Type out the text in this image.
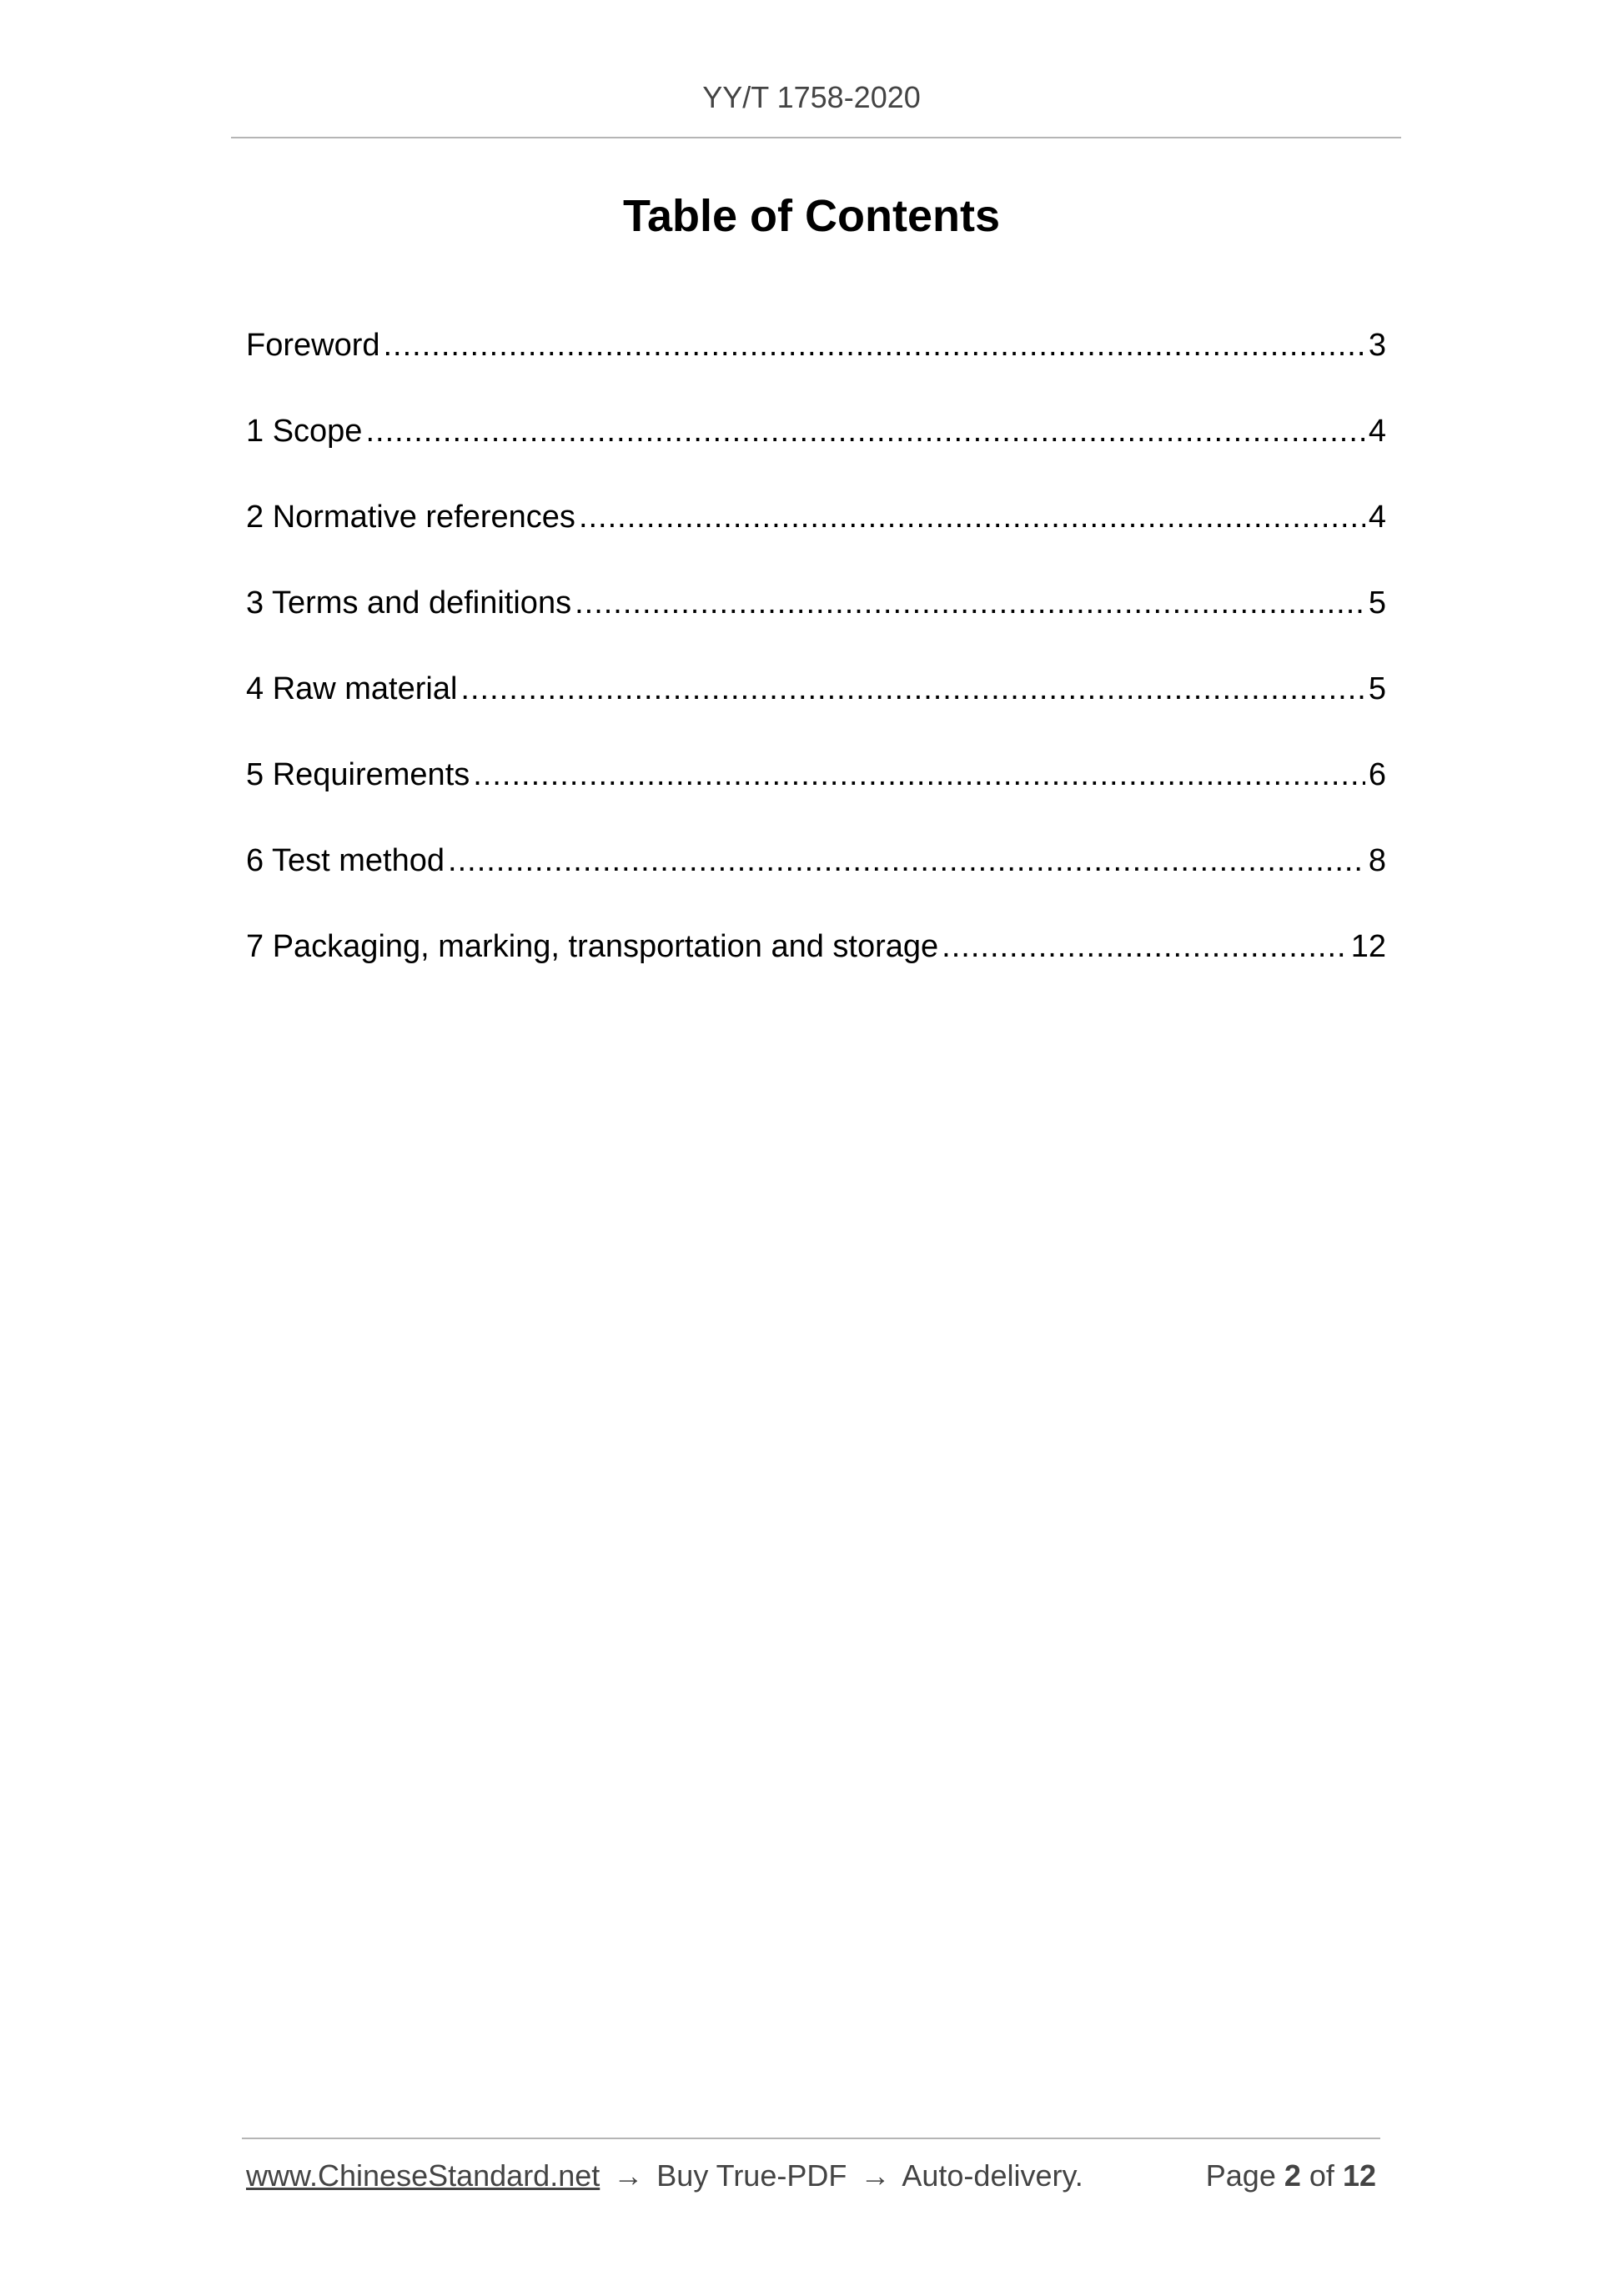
YY/T 1758-2020
Table of Contents
Foreword .....	3
1 Scope .....	4
2 Normative references .....	4
3 Terms and definitions .....	5
4 Raw material .....	5
5 Requirements .....	6
6 Test method .....	8
7 Packaging, marking, transportation and storage .....	12
www.ChineseStandard.net → Buy True-PDF → Auto-delivery.	Page 2 of 12
